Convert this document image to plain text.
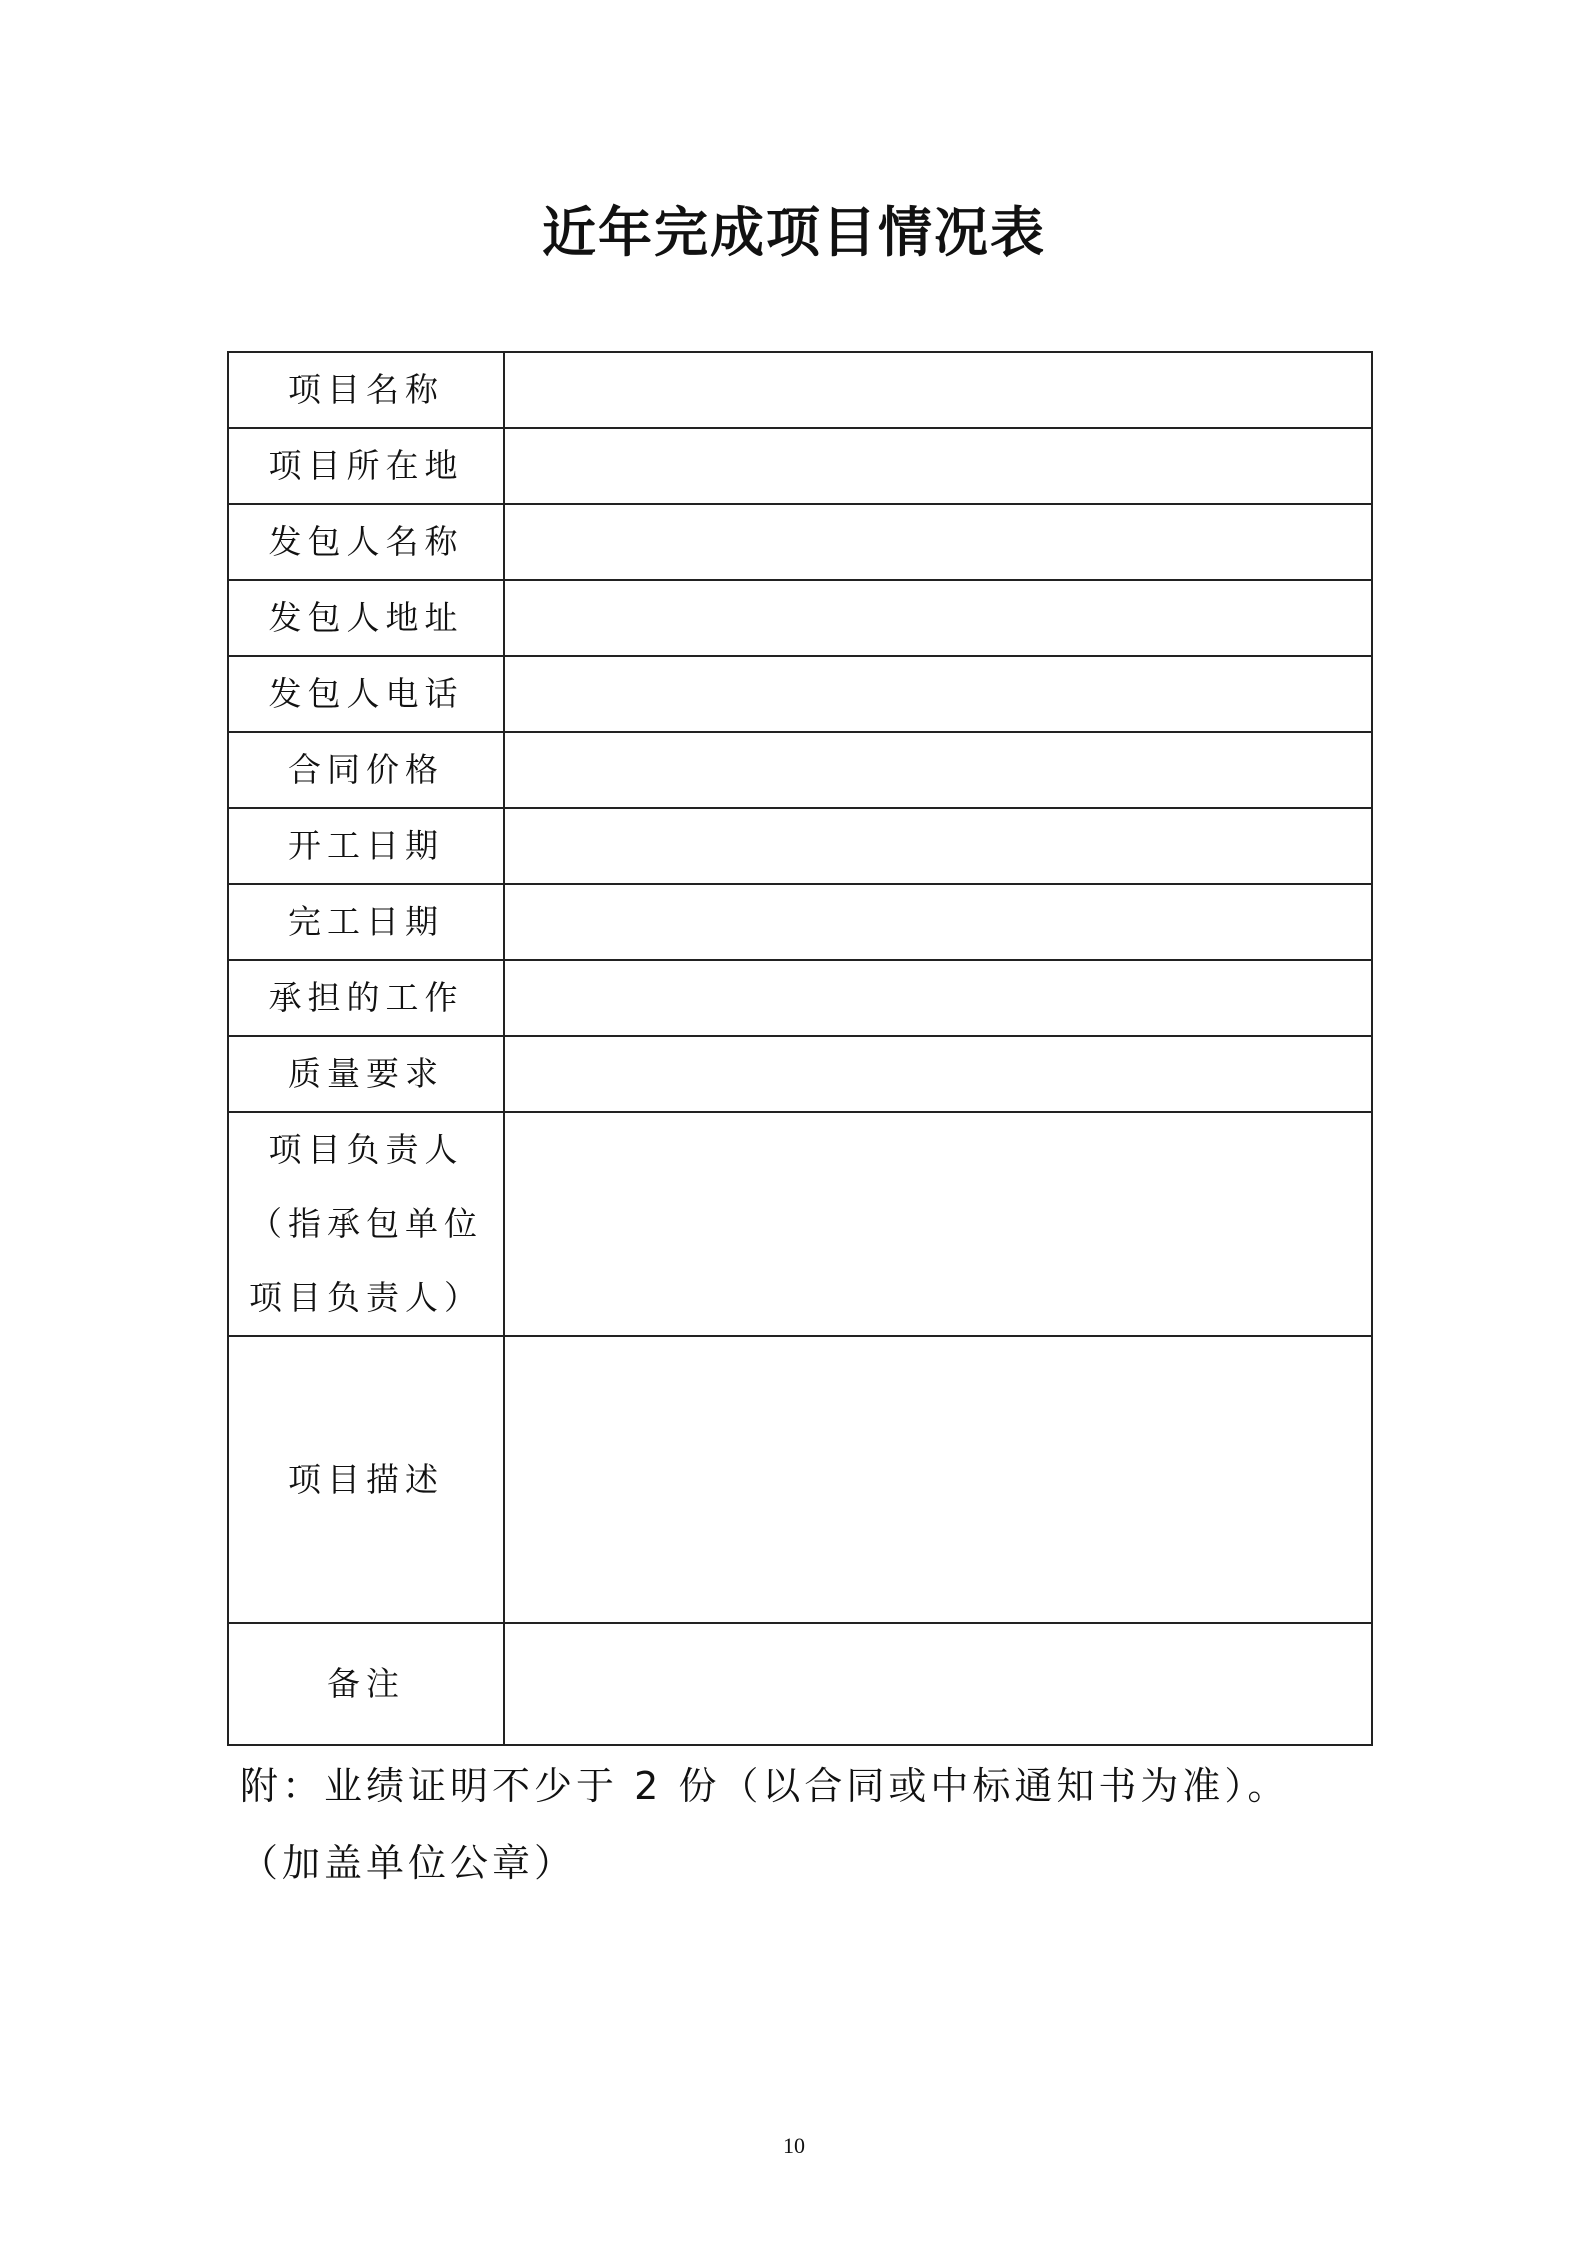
近年完成项目情况表
项目名称	
项目所在地	
发包人名称	
发包人地址	
发包人电话	
合同价格	
开工日期	
完工日期	
承担的工作	
质量要求	

项目负责人
（指承包单位
项目负责人）	

项目描述	
备注	

附：业绩证明不少于 2 份（以合同或中标通知书为准）。

（加盖单位公章）

10
